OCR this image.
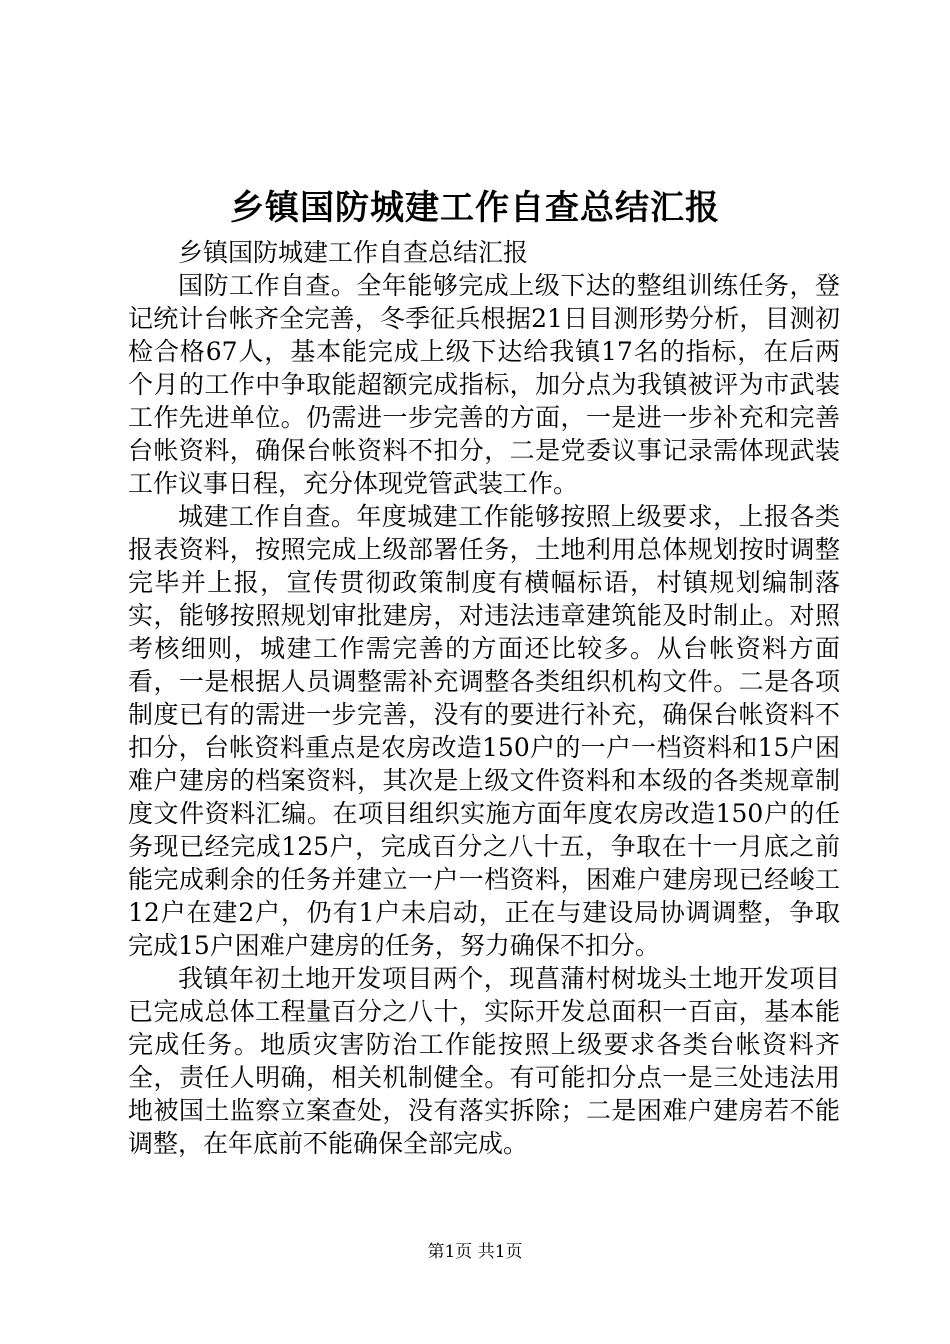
乡镇国防城建工作自查总结汇报

乡镇国防城建工作自查总结汇报

国防工作自查。全年能够完成上级下达的整组训练任务，登记统计台帐齐全完善，冬季征兵根据21日目测形势分析，目测初检合格67人，基本能完成上级下达给我镇17名的指标，在后两个月的工作中争取能超额完成指标，加分点为我镇被评为市武装工作先进单位。仍需进一步完善的方面，一是进一步补充和完善台帐资料，确保台帐资料不扣分，二是党委议事记录需体现武装工作议事日程，充分体现党管武装工作。

城建工作自查。年度城建工作能够按照上级要求，上报各类报表资料，按照完成上级部署任务，土地利用总体规划按时调整完毕并上报，宣传贯彻政策制度有横幅标语，村镇规划编制落实，能够按照规划审批建房，对违法违章建筑能及时制止。对照考核细则，城建工作需完善的方面还比较多。从台帐资料方面看，一是根据人员调整需补充调整各类组织机构文件。二是各项制度已有的需进一步完善，没有的要进行补充，确保台帐资料不扣分，台帐资料重点是农房改造150户的一户一档资料和15户困难户建房的档案资料，其次是上级文件资料和本级的各类规章制度文件资料汇编。在项目组织实施方面年度农房改造150户的任务现已经完成125户，完成百分之八十五，争取在十一月底之前能完成剩余的任务并建立一户一档资料，困难户建房现已经峻工12户在建2户，仍有1户未启动，正在与建设局协调调整，争取完成15户困难户建房的任务，努力确保不扣分。

我镇年初土地开发项目两个，现菖蒲村树垅头土地开发项目已完成总体工程量百分之八十，实际开发总面积一百亩，基本能完成任务。地质灾害防治工作能按照上级要求各类台帐资料齐全，责任人明确，相关机制健全。有可能扣分点一是三处违法用地被国土监察立案查处，没有落实拆除；二是困难户建房若不能调整，在年底前不能确保全部完成。

第1页 共1页
